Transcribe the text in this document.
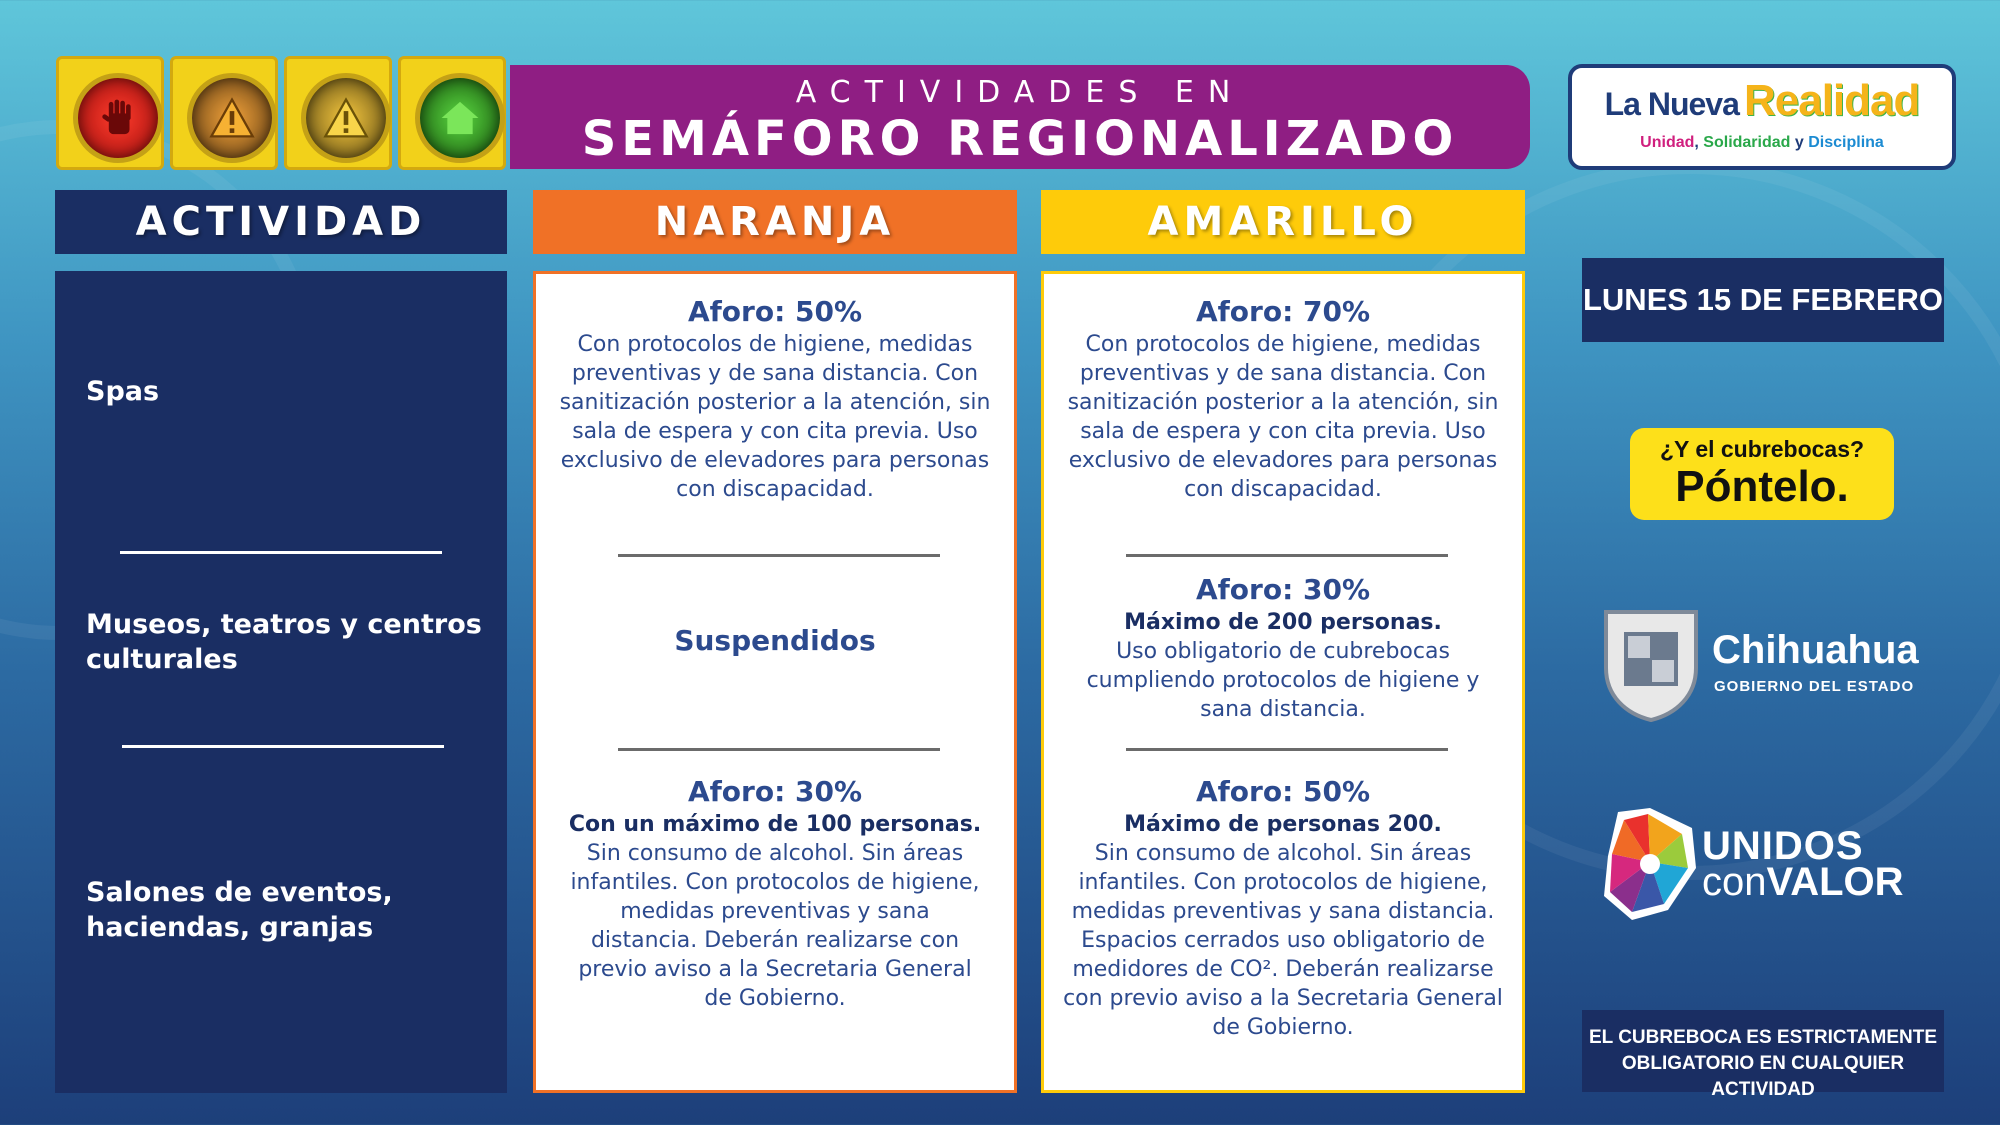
ACTIVIDADES EN
SEMÁFORO REGIONALIZADO
La Nueva Realidad
Unidad, Solidaridad y Disciplina
ACTIVIDAD	NARANJA	AMARILLO
Spas
Museos, teatros y centros culturales
Salones de eventos, haciendas, granjas
Aforo: 50%
Con protocolos de higiene, medidas preventivas y de sana distancia. Con sanitización posterior a la atención, sin sala de espera y con cita previa. Uso exclusivo de elevadores para personas con discapacidad.
Suspendidos
Aforo: 30%
Con un máximo de 100 personas.
Sin consumo de alcohol. Sin áreas infantiles. Con protocolos de higiene, medidas preventivas y sana distancia. Deberán realizarse con previo aviso a la Secretaria General de Gobierno.
Aforo: 70%
Con protocolos de higiene, medidas preventivas y de sana distancia. Con sanitización posterior a la atención, sin sala de espera y con cita previa. Uso exclusivo de elevadores para personas con discapacidad.
Aforo: 30%
Máximo de 200 personas.
Uso obligatorio de cubrebocas cumpliendo protocolos de higiene y sana distancia.
Aforo: 50%
Máximo de personas 200.
Sin consumo de alcohol. Sin áreas infantiles. Con protocolos de higiene, medidas preventivas y sana distancia. Espacios cerrados uso obligatorio de medidores de CO². Deberán realizarse con previo aviso a la Secretaria General de Gobierno.
LUNES 15 DE FEBRERO
¿Y el cubrebocas?
Póntelo.
Chihuahua
GOBIERNO DEL ESTADO
UNIDOS
conVALOR
EL CUBREBOCA ES ESTRICTAMENTE OBLIGATORIO EN CUALQUIER ACTIVIDAD
